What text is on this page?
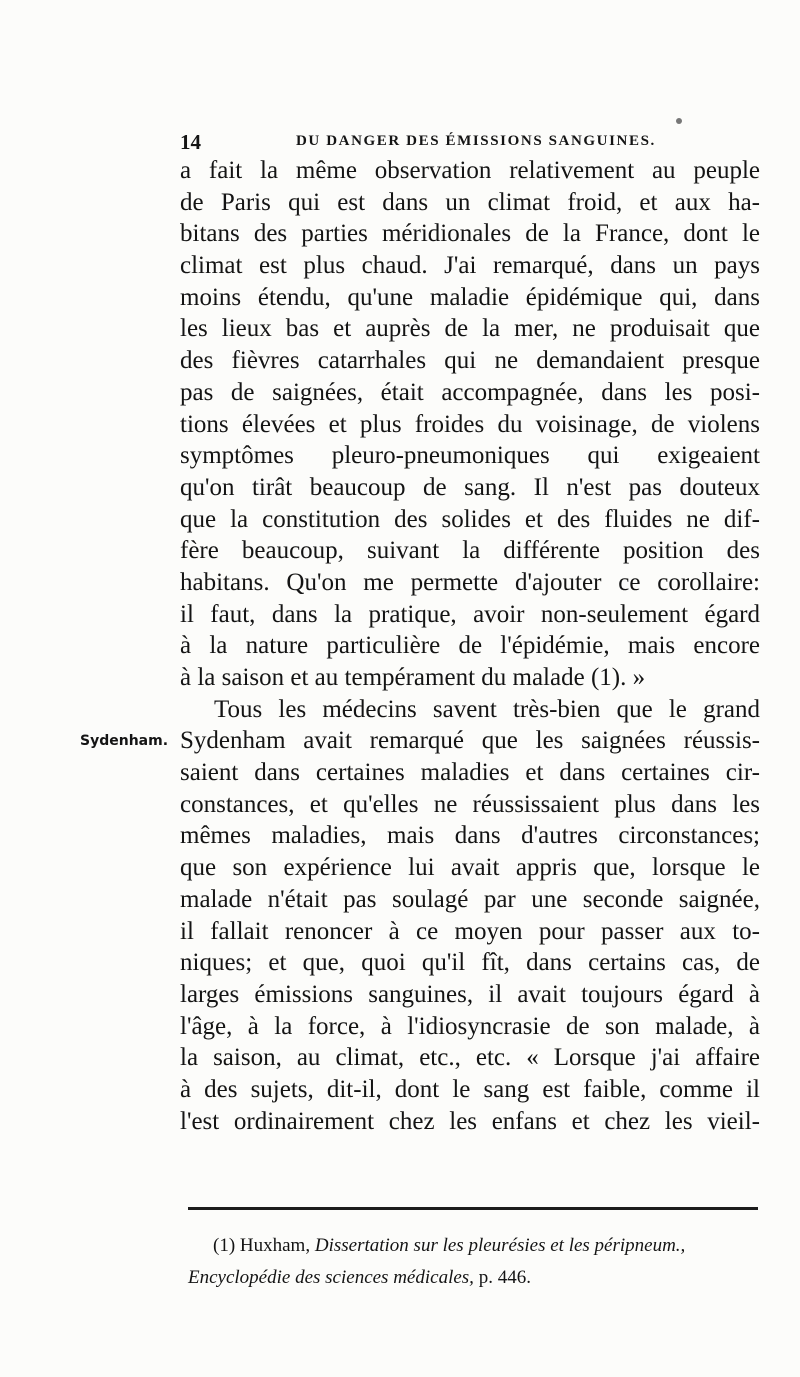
14	DU DANGER DES ÉMISSIONS SANGUINES.
Sydenham.
a fait la même observation relativement au peuple
de Paris qui est dans un climat froid, et aux ha-
bitans des parties méridionales de la France, dont le
climat est plus chaud. J'ai remarqué, dans un pays
moins étendu, qu'une maladie épidémique qui, dans
les lieux bas et auprès de la mer, ne produisait que
des fièvres catarrhales qui ne demandaient presque
pas de saignées, était accompagnée, dans les posi-
tions élevées et plus froides du voisinage, de violens
symptômes pleuro-pneumoniques qui exigeaient
qu'on tirât beaucoup de sang. Il n'est pas douteux
que la constitution des solides et des fluides ne dif-
fère beaucoup, suivant la différente position des
habitans. Qu'on me permette d'ajouter ce corollaire:
il faut, dans la pratique, avoir non-seulement égard
à la nature particulière de l'épidémie, mais encore
à la saison et au tempérament du malade (1). »
Tous les médecins savent très-bien que le grand
Sydenham avait remarqué que les saignées réussis-
saient dans certaines maladies et dans certaines cir-
constances, et qu'elles ne réussissaient plus dans les
mêmes maladies, mais dans d'autres circonstances;
que son expérience lui avait appris que, lorsque le
malade n'était pas soulagé par une seconde saignée,
il fallait renoncer à ce moyen pour passer aux to-
niques; et que, quoi qu'il fît, dans certains cas, de
larges émissions sanguines, il avait toujours égard à
l'âge, à la force, à l'idiosyncrasie de son malade, à
la saison, au climat, etc., etc. « Lorsque j'ai affaire
à des sujets, dit-il, dont le sang est faible, comme il
l'est ordinairement chez les enfans et chez les vieil-
(1) Huxham, Dissertation sur les pleurésies et les péripneum.,
Encyclopédie des sciences médicales, p. 446.
